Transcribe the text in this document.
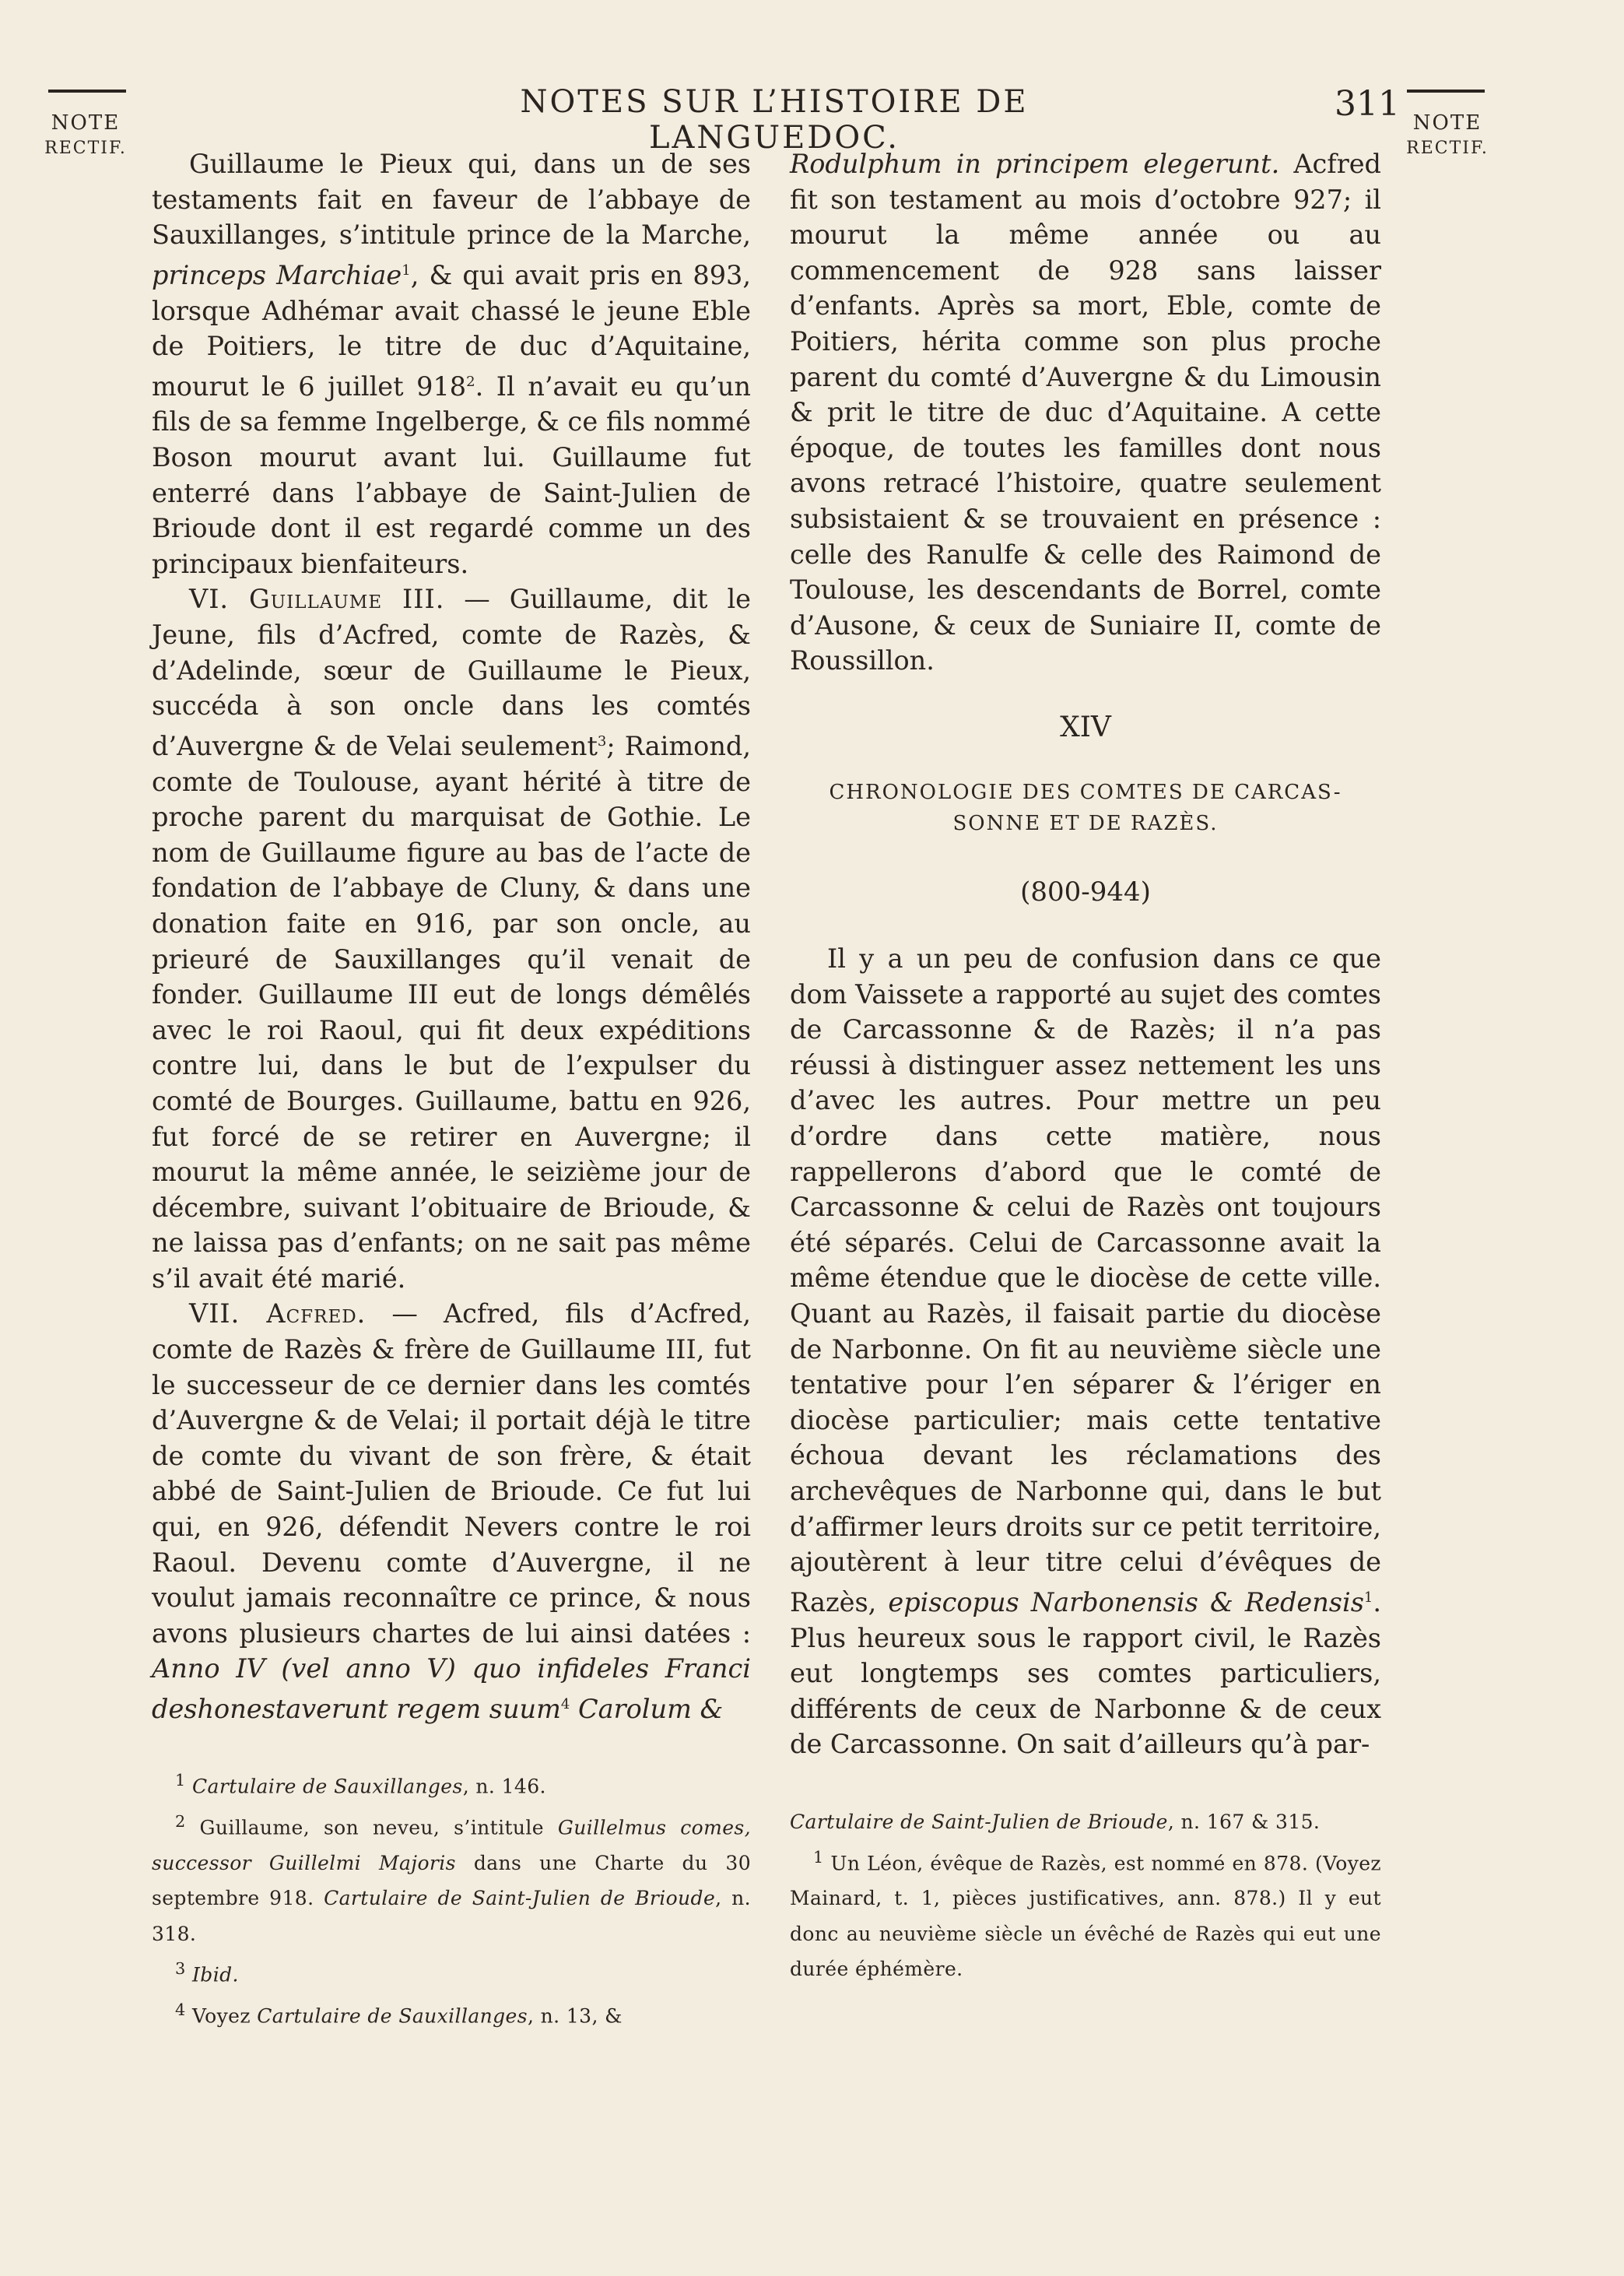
NOTE
RECTIF.
NOTE
RECTIF.
NOTES SUR L’HISTOIRE DE LANGUEDOC.
311

Guillaume le Pieux qui, dans un de ses testaments fait en faveur de l’abbaye de Sauxillanges, s’intitule prince de la Marche, princeps Marchiae$^1$, & qui avait pris en 893, lorsque Adhémar avait chassé le jeune Eble de Poitiers, le titre de duc d’Aquitaine, mourut le 6 juillet $918^2$. Il n’avait eu qu’un fils de sa femme Ingelberge, & ce fils nommé Boson mourut avant lui. Guillaume fut enterré dans l’abbaye de Saint-Julien de Brioude dont il est regardé comme un des principaux bienfaiteurs.

VI. Guillaume III. — Guillaume, dit le Jeune, fils d’Acfred, comte de Razès, & d’Adelinde, sœur de Guillaume le Pieux, succéda à son oncle dans les comtés d’Auvergne & de Velai seulement$^3$; Raimond, comte de Toulouse, ayant hérité à titre de proche parent du marquisat de Gothie. Le nom de Guillaume figure au bas de l’acte de fondation de l’abbaye de Cluny, & dans une donation faite en 916, par son oncle, au prieuré de Sauxillanges qu’il venait de fonder. Guillaume III eut de longs démêlés avec le roi Raoul, qui fit deux expéditions contre lui, dans le but de l’expulser du comté de Bourges. Guillaume, battu en 926, fut forcé de se retirer en Auvergne; il mourut la même année, le seizième jour de décembre, suivant l’obituaire de Brioude, & ne laissa pas d’enfants; on ne sait pas même s’il avait été marié.

VII. Acfred. — Acfred, fils d’Acfred, comte de Razès & frère de Guillaume III, fut le successeur de ce dernier dans les comtés d’Auvergne & de Velai; il portait déjà le titre de comte du vivant de son frère, & était abbé de Saint-Julien de Brioude. Ce fut lui qui, en 926, défendit Nevers contre le roi Raoul. Devenu comte d’Auvergne, il ne voulut jamais reconnaître ce prince, & nous avons plusieurs chartes de lui ainsi datées : Anno IV (vel anno V) quo infideles Franci deshonestaverunt regem suum$^4$ Carolum &

Rodulphum in principem elegerunt. Acfred fit son testament au mois d’octobre 927; il mourut la même année ou au commencement de 928 sans laisser d’enfants. Après sa mort, Eble, comte de Poitiers, hérita comme son plus proche parent du comté d’Auvergne & du Limousin & prit le titre de duc d’Aquitaine. A cette époque, de toutes les familles dont nous avons retracé l’histoire, quatre seulement subsistaient & se trouvaient en présence : celle des Ranulfe & celle des Raimond de Toulouse, les descendants de Borrel, comte d’Ausone, & ceux de Suniaire II, comte de Roussillon.

XIV
CHRONOLOGIE DES COMTES DE CARCAS-
SONNE ET DE RAZÈS.
(800-944)

Il y a un peu de confusion dans ce que dom Vaissete a rapporté au sujet des comtes de Carcassonne & de Razès; il n’a pas réussi à distinguer assez nettement les uns d’avec les autres. Pour mettre un peu d’ordre dans cette matière, nous rappellerons d’abord que le comté de Carcassonne & celui de Razès ont toujours été séparés. Celui de Carcassonne avait la même étendue que le diocèse de cette ville. Quant au Razès, il faisait partie du diocèse de Narbonne. On fit au neuvième siècle une tentative pour l’en séparer & l’ériger en diocèse particulier; mais cette tentative échoua devant les réclamations des archevêques de Narbonne qui, dans le but d’affirmer leurs droits sur ce petit territoire, ajoutèrent à leur titre celui d’évêques de Razès, episcopus Narbonensis & Redensis$^1$. Plus heureux sous le rapport civil, le Razès eut longtemps ses comtes particuliers, différents de ceux de Narbonne & de ceux de Carcassonne. On sait d’ailleurs qu’à par-

$^1$ Cartulaire de Sauxillanges, n. 146.

$^2$ Guillaume, son neveu, s’intitule Guillelmus comes, successor Guillelmi Majoris dans une Charte du 30 septembre 918. Cartulaire de Saint-Julien de Brioude, n. 318.

$^3$ Ibid.

$^4$ Voyez Cartulaire de Sauxillanges, n. 13, &

Cartulaire de Saint-Julien de Brioude, n. 167 & 315.

$^1$ Un Léon, évêque de Razès, est nommé en 878. (Voyez Mainard, t. 1, pièces justificatives, ann. 878.) Il y eut donc au neuvième siècle un évêché de Razès qui eut une durée éphémère.
